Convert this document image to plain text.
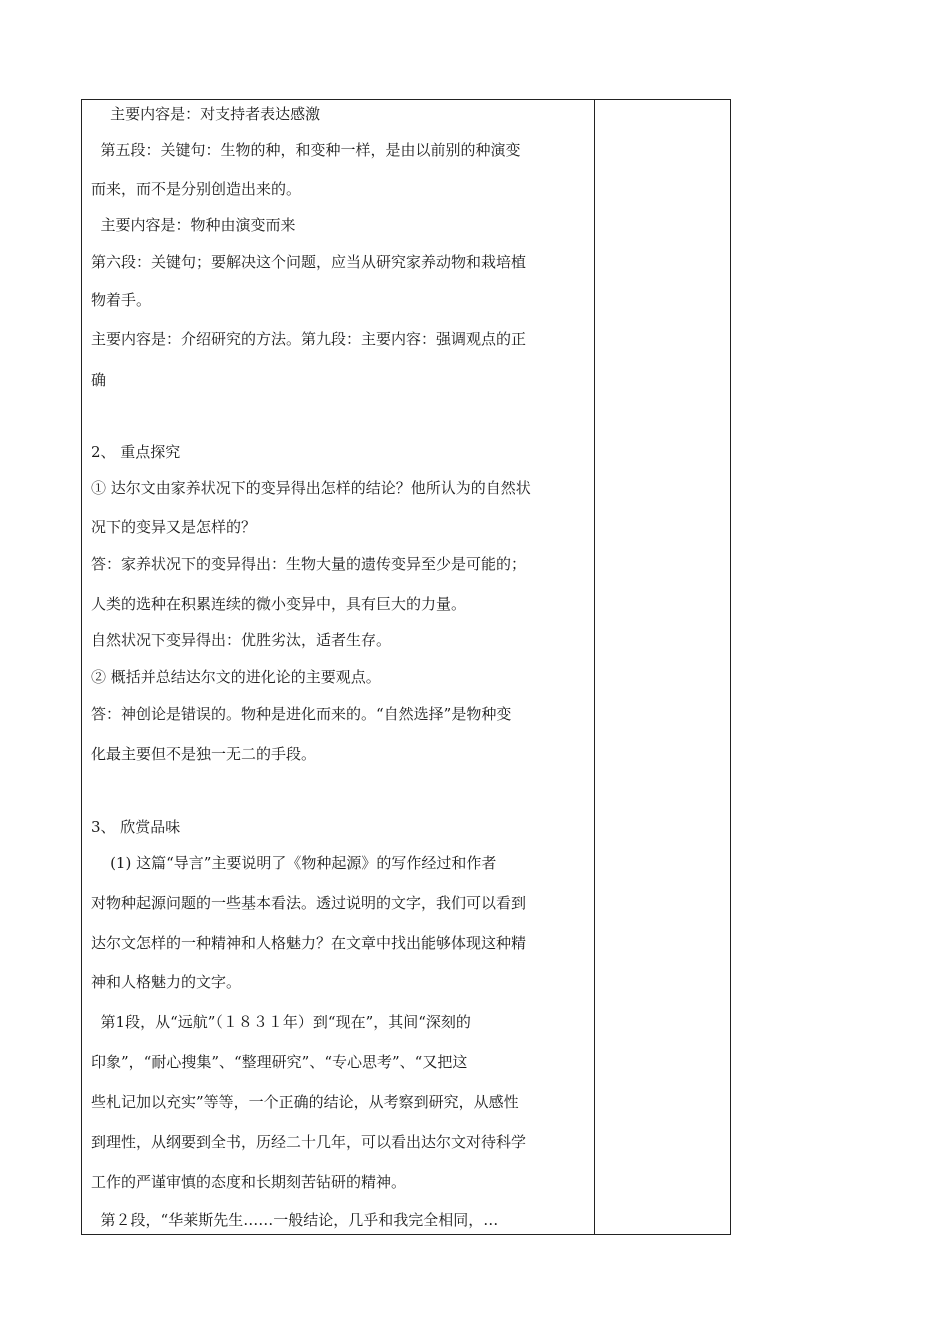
主要内容是：对支持者表达感激
第五段：关键句：生物的种，和变种一样，是由以前别的种演变
而来，而不是分别创造出来的。
主要内容是：物种由演变而来
第六段：关键句；要解决这个问题，应当从研究家养动物和栽培植
物着手。
主要内容是：介绍研究的方法。第九段：主要内容：强调观点的正
确
2、 重点探究
① 达尔文由家养状况下的变异得出怎样的结论？他所认为的自然状
况下的变异又是怎样的？
答：家养状况下的变异得出：生物大量的遗传变异至少是可能的；
人类的选种在积累连续的微小变异中，具有巨大的力量。
自然状况下变异得出：优胜劣汰，适者生存。
② 概括并总结达尔文的进化论的主要观点。
答：神创论是错误的。物种是进化而来的。“自然选择”是物种变
化最主要但不是独一无二的手段。
3、 欣赏品味
(1) 这篇“导言”主要说明了《物种起源》的写作经过和作者
对物种起源问题的一些基本看法。透过说明的文字，我们可以看到
达尔文怎样的一种精神和人格魅力？在文章中找出能够体现这种精
神和人格魅力的文字。
第1段，从“远航”（１８３１年）到“现在”，其间“深刻的
印象”，“耐心搜集”、“整理研究”、“专心思考”、“又把这
些札记加以充实”等等，一个正确的结论，从考察到研究，从感性
到理性，从纲要到全书，历经二十几年，可以看出达尔文对待科学
工作的严谨审慎的态度和长期刻苦钻研的精神。
第２段，“华莱斯先生……一般结论，几乎和我完全相同，…
